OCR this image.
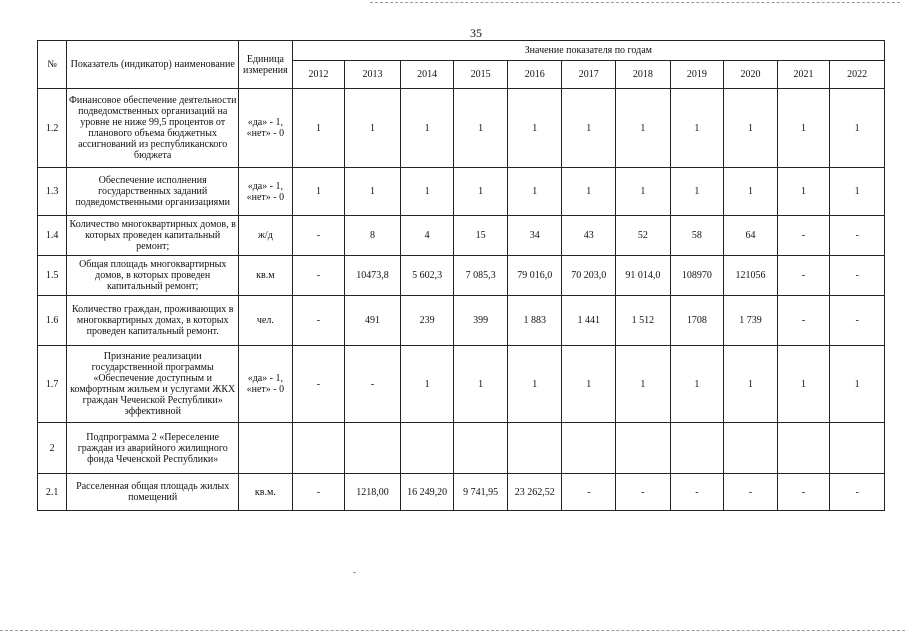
35
№	Показатель (индикатор) наименование	Единица измерения	Значение показателя по годам										
			2012	2013	2014	2015	2016	2017	2018	2019	2020	2021	2022
1.2	Финансовое обеспечение деятельности подведомственных организаций на уровне не ниже 99,5 процентов от планового объема бюджетных ассигнований из республиканского бюджета	«да» - 1, «нет» - 0	1	1	1	1	1	1	1	1	1	1	1
1.3	Обеспечение исполнения государственных заданий подведомственными организациями	«да» - 1, «нет» - 0	1	1	1	1	1	1	1	1	1	1	1
1.4	Количество многоквартирных домов, в которых проведен капитальный ремонт;	ж/д	-	8	4	15	34	43	52	58	64	-	-
1.5	Общая площадь многоквартирных домов, в которых проведен капитальный ремонт;	кв.м	-	10473,8	5 602,3	7 085,3	79 016,0	70 203,0	91 014,0	108970	121056	-	-
1.6	Количество граждан, проживающих в многоквартирных домах, в которых проведен капитальный ремонт.	чел.	-	491	239	399	1 883	1 441	1 512	1708	1 739	-	-
1.7	Признание реализации государственной программы «Обеспечение доступным и комфортным жильем и услугами ЖКХ граждан Чеченской Республики» эффективной	«да» - 1, «нет» - 0	-	-	1	1	1	1	1	1	1	1	1
2	Подпрограмма 2 «Переселение граждан из аварийного жилищного фонда Чеченской Республики»												
2.1	Расселенная общая площадь жилых помещений	кв.м.	-	1218,00	16 249,20	9 741,95	23 262,52	-	-	-	-	-	-
